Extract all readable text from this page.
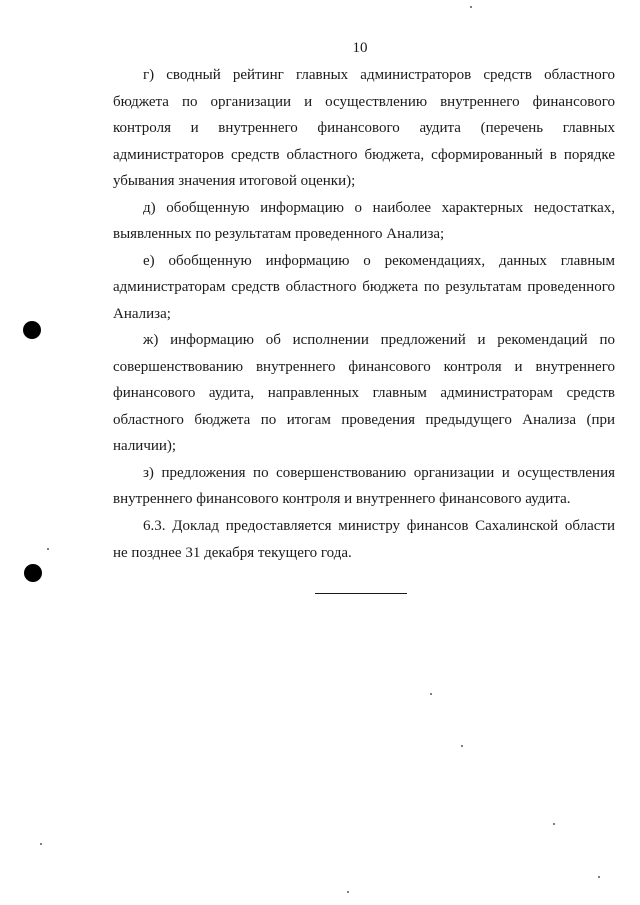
10

г) сводный рейтинг главных администраторов средств областного бюджета по организации и осуществлению внутреннего финансового контроля и внутреннего финансового аудита (перечень главных администраторов средств областного бюджета, сформированный в порядке убывания значения итоговой оценки);

д) обобщенную информацию о наиболее характерных недостатках, выявленных по результатам проведенного Анализа;

е) обобщенную информацию о рекомендациях, данных главным администраторам средств областного бюджета по результатам проведенного Анализа;

ж) информацию об исполнении предложений и рекомендаций по совершенствованию внутреннего финансового контроля и внутреннего финансового аудита, направленных главным администраторам средств областного бюджета по итогам проведения предыдущего Анализа (при наличии);

з) предложения по совершенствованию организации и осуществления внутреннего финансового контроля и внутреннего финансового аудита.

6.3. Доклад предоставляется министру финансов Сахалинской области не позднее 31 декабря текущего года.
